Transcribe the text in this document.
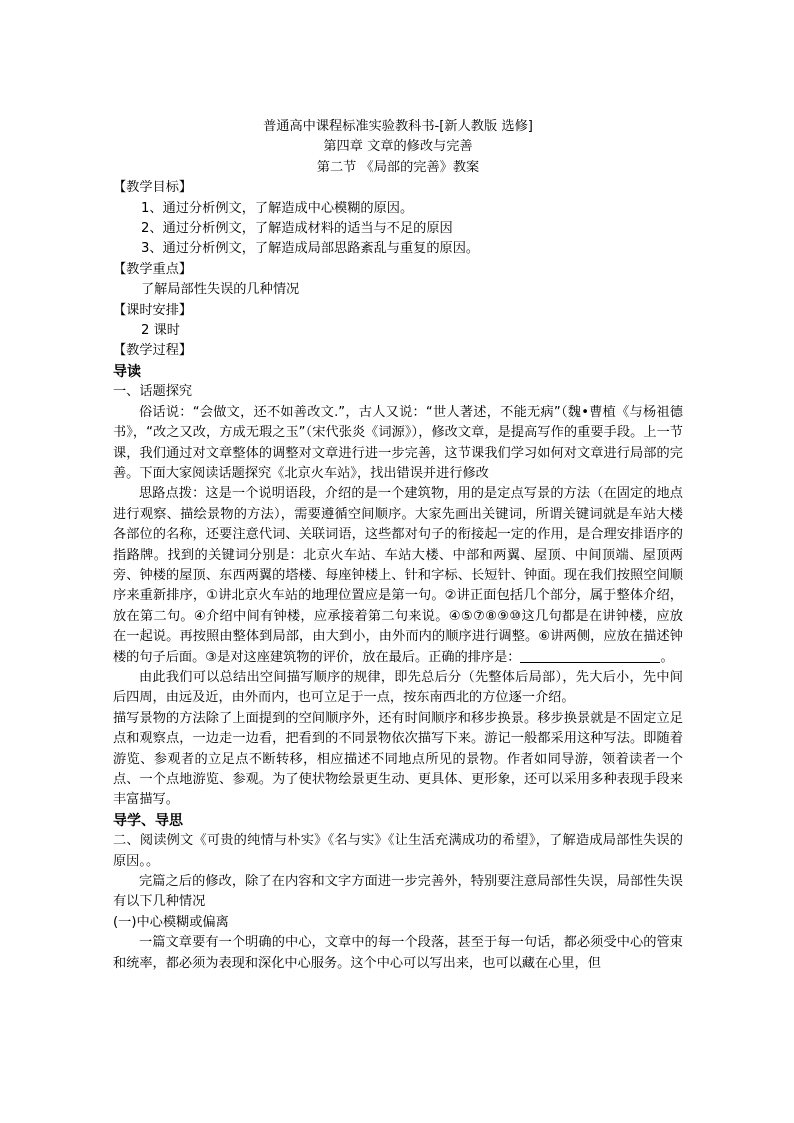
普通高中课程标准实验教科书-[新人教版 选修]
第四章 文章的修改与完善
第二节 《局部的完善》教案
【教学目标】
1、通过分析例文，了解造成中心模糊的原因。
2、通过分析例文，了解造成材料的适当与不足的原因
3、通过分析例文，了解造成局部思路紊乱与重复的原因。
【教学重点】
了解局部性失误的几种情况
【课时安排】
2 课时
【教学过程】
导读
一、话题探究

俗话说：“会做文，还不如善改文.”，古人又说：“世人著述，不能无病”（魏•曹植《与杨祖德书》，“改之又改，方成无瑕之玉”（宋代张炎《词源》），修改文章，是提高写作的重要手段。上一节课，我们通过对文章整体的调整对文章进行进一步完善，这节课我们学习如何对文章进行局部的完善。下面大家阅读话题探究《北京火车站》，找出错误并进行修改

思路点拨：这是一个说明语段，介绍的是一个建筑物，用的是定点写景的方法（在固定的地点进行观察、描绘景物的方法），需要遵循空间顺序。大家先画出关键词，所谓关键词就是车站大楼各部位的名称，还要注意代词、关联词语，这些都对句子的衔接起一定的作用，是合理安排语序的指路牌。找到的关键词分别是：北京火车站、车站大楼、中部和两翼、屋顶、中间顶端、屋顶两旁、钟楼的屋顶、东西两翼的塔楼、每座钟楼上、针和字标、长短针、钟面。现在我们按照空间顺序来重新排序，①讲北京火车站的地理位置应是第一句。②讲正面包括几个部分，属于整体介绍，放在第二句。④介绍中间有钟楼，应承接着第二句来说。④⑤⑦⑧⑨⑩这几句都是在讲钟楼，应放在一起说。再按照由整体到局部，由大到小，由外而内的顺序进行调整。⑥讲两侧，应放在描述钟楼的句子后面。③是对这座建筑物的评价，放在最后。正确的排序是：	。

由此我们可以总结出空间描写顺序的规律，即先总后分（先整体后局部），先大后小，先中间后四周，由远及近，由外而内，也可立足于一点，按东南西北的方位逐一介绍。

描写景物的方法除了上面提到的空间顺序外，还有时间顺序和移步换景。移步换景就是不固定立足点和观察点，一边走一边看，把看到的不同景物依次描写下来。游记一般都采用这种写法。即随着游览、参观者的立足点不断转移，相应描述不同地点所见的景物。作者如同导游，领着读者一个点、一个点地游览、参观。为了使状物绘景更生动、更具体、更形象，还可以采用多种表现手段来丰富描写。

导学、导思

二、阅读例文《可贵的纯情与朴实》《名与实》《让生活充满成功的希望》，了解造成局部性失误的原因。。

完篇之后的修改，除了在内容和文字方面进一步完善外，特别要注意局部性失误，局部性失误有以下几种情况

(一)中心模糊或偏离

一篇文章要有一个明确的中心，文章中的每一个段落，甚至于每一句话，都必须受中心的管束和统率，都必须为表现和深化中心服务。这个中心可以写出来，也可以藏在心里，但
